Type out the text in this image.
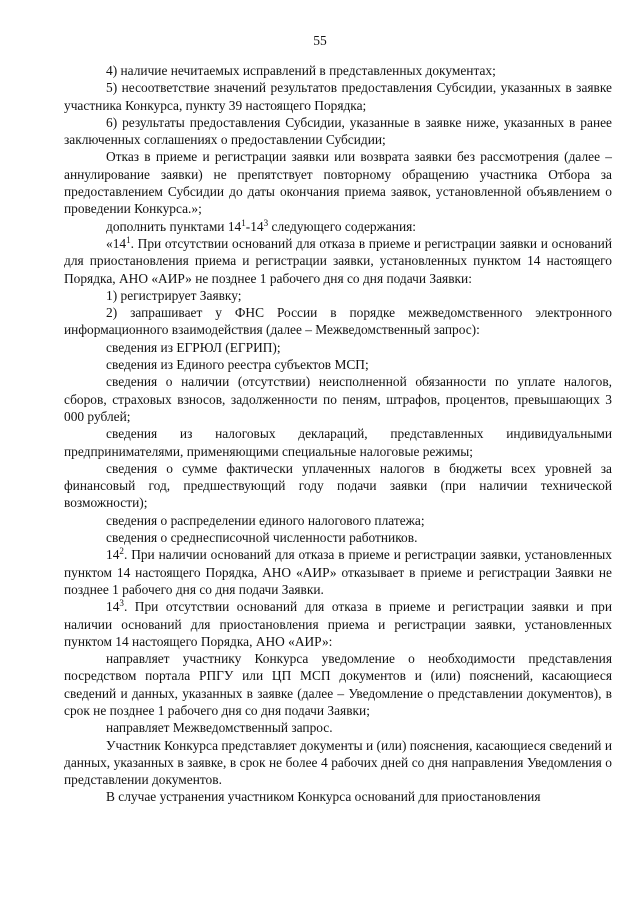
55

4) наличие нечитаемых исправлений в представленных документах;

5) несоответствие значений результатов предоставления Субсидии, указанных в заявке участника Конкурса, пункту 39 настоящего Порядка;

6) результаты предоставления Субсидии, указанные в заявке ниже, указанных в ранее заключенных соглашениях о предоставлении Субсидии;

Отказ в приеме и регистрации заявки или возврата заявки без рассмотрения (далее – аннулирование заявки) не препятствует повторному обращению участника Отбора за предоставлением Субсидии до даты окончания приема заявок, установленной объявлением о проведении Конкурса.»;

дополнить пунктами $14^1-14^3$ следующего содержания:

«$14^1$. При отсутствии оснований для отказа в приеме и регистрации заявки и оснований для приостановления приема и регистрации заявки, установленных пунктом 14 настоящего Порядка, АНО «АИР» не позднее 1 рабочего дня со дня подачи Заявки:

1) регистрирует Заявку;

2) запрашивает у ФНС России в порядке межведомственного электронного информационного взаимодействия (далее – Межведомственный запрос):

сведения из ЕГРЮЛ (ЕГРИП);

сведения из Единого реестра субъектов МСП;

сведения о наличии (отсутствии) неисполненной обязанности по уплате налогов, сборов, страховых взносов, задолженности по пеням, штрафов, процентов, превышающих 3 000 рублей;

сведения из налоговых деклараций, представленных индивидуальными предпринимателями, применяющими специальные налоговые режимы;

сведения о сумме фактически уплаченных налогов в бюджеты всех уровней за финансовый год, предшествующий году подачи заявки (при наличии технической возможности);

сведения о распределении единого налогового платежа;

сведения о среднесписочной численности работников.

$14^2$. При наличии оснований для отказа в приеме и регистрации заявки, установленных пунктом 14 настоящего Порядка, АНО «АИР» отказывает в приеме и регистрации Заявки не позднее 1 рабочего дня со дня подачи Заявки.

$14^3$. При отсутствии оснований для отказа в приеме и регистрации заявки и при наличии оснований для приостановления приема и регистрации заявки, установленных пунктом 14 настоящего Порядка, АНО «АИР»:

направляет участнику Конкурса уведомление о необходимости представления посредством портала РПГУ или ЦП МСП документов и (или) пояснений, касающиеся сведений и данных, указанных в заявке (далее – Уведомление о представлении документов), в срок не позднее 1 рабочего дня со дня подачи Заявки;

направляет Межведомственный запрос.

Участник Конкурса представляет документы и (или) пояснения, касающиеся сведений и данных, указанных в заявке, в срок не более 4 рабочих дней со дня направления Уведомления о представлении документов.

В случае устранения участником Конкурса оснований для приостановления
